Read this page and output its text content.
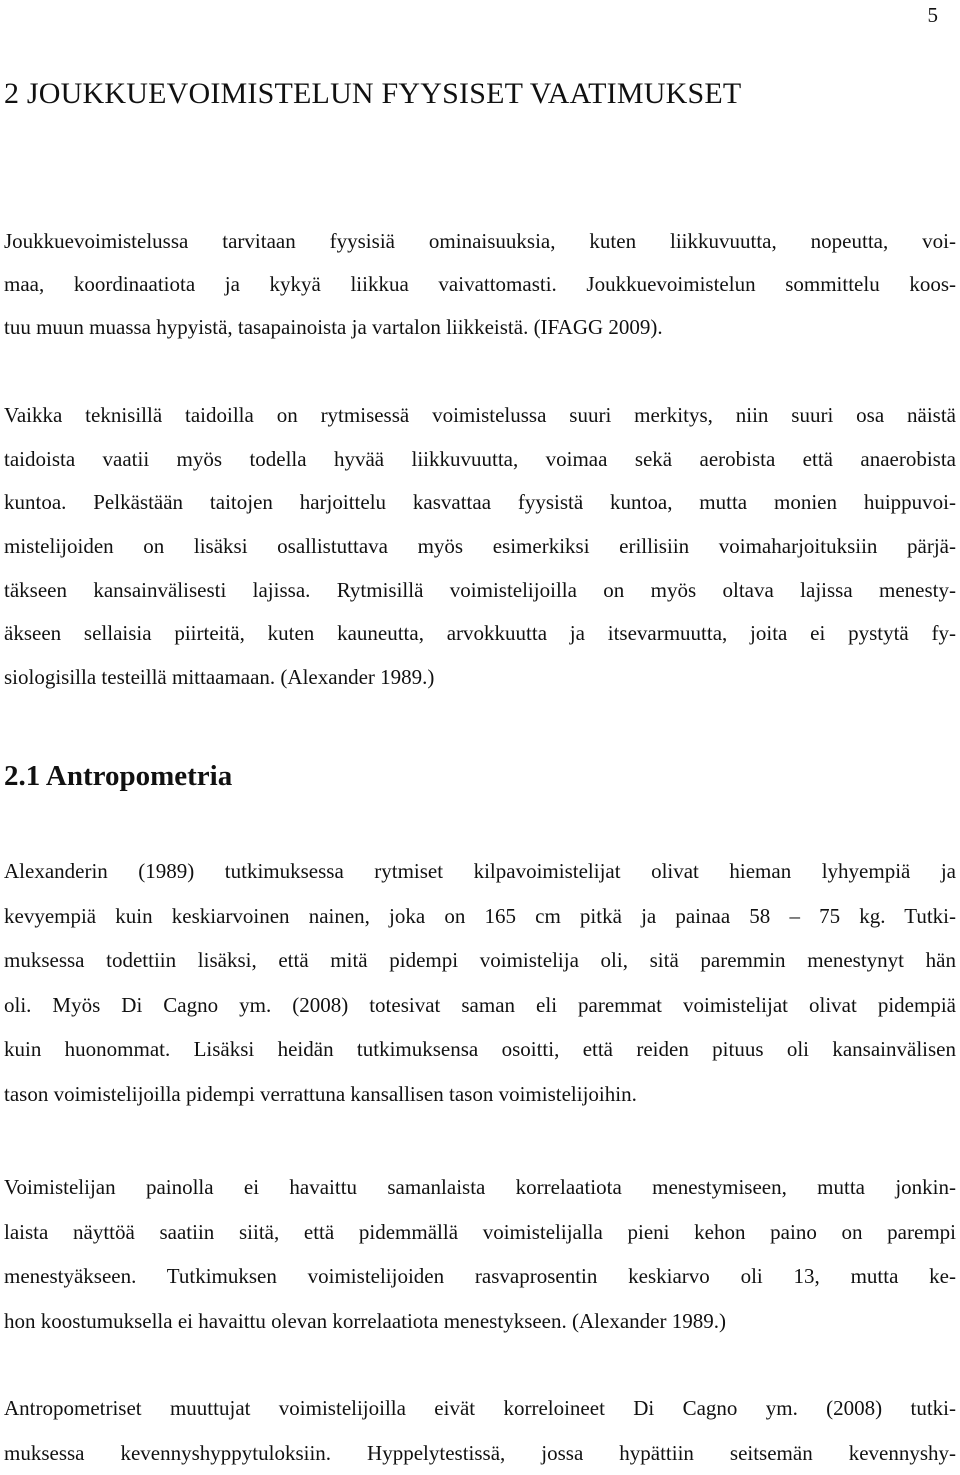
5
2 JOUKKUEVOIMISTELUN FYYSISET VAATIMUKSET
Joukkuevoimistelussa tarvitaan fyysisiä ominaisuuksia, kuten liikkuvuutta, nopeutta, voi-
maa, koordinaatiota ja kykyä liikkua vaivattomasti. Joukkuevoimistelun sommittelu koos-
tuu muun muassa hypyistä, tasapainoista ja vartalon liikkeistä. (IFAGG 2009).
Vaikka teknisillä taidoilla on rytmisessä voimistelussa suuri merkitys, niin suuri osa näistä
taidoista vaatii myös todella hyvää liikkuvuutta, voimaa sekä aerobista että anaerobista
kuntoa. Pelkästään taitojen harjoittelu kasvattaa fyysistä kuntoa, mutta monien huippuvoi-
mistelijoiden on lisäksi osallistuttava myös esimerkiksi erillisiin voimaharjoituksiin pärjä-
täkseen kansainvälisesti lajissa. Rytmisillä voimistelijoilla on myös oltava lajissa menesty-
äkseen sellaisia piirteitä, kuten kauneutta, arvokkuutta ja itsevarmuutta, joita ei pystytä fy-
siologisilla testeillä mittaamaan. (Alexander 1989.)
2.1 Antropometria
Alexanderin (1989) tutkimuksessa rytmiset kilpavoimistelijat olivat hieman lyhyempiä ja
kevyempiä kuin keskiarvoinen nainen, joka on 165 cm pitkä ja painaa 58 – 75 kg. Tutki-
muksessa todettiin lisäksi, että mitä pidempi voimistelija oli, sitä paremmin menestynyt hän
oli. Myös Di Cagno ym. (2008) totesivat saman eli paremmat voimistelijat olivat pidempiä
kuin huonommat. Lisäksi heidän tutkimuksensa osoitti, että reiden pituus oli kansainvälisen
tason voimistelijoilla pidempi verrattuna kansallisen tason voimistelijoihin.
Voimistelijan painolla ei havaittu samanlaista korrelaatiota menestymiseen, mutta jonkin-
laista näyttöä saatiin siitä, että pidemmällä voimistelijalla pieni kehon paino on parempi
menestyäkseen. Tutkimuksen voimistelijoiden rasvaprosentin keskiarvo oli 13, mutta ke-
hon koostumuksella ei havaittu olevan korrelaatiota menestykseen. (Alexander 1989.)
Antropometriset muuttujat voimistelijoilla eivät korreloineet Di Cagno ym. (2008) tutki-
muksessa kevennyshyppytuloksiin. Hyppelytestissä, jossa hypättiin seitsemän kevennyshy-
